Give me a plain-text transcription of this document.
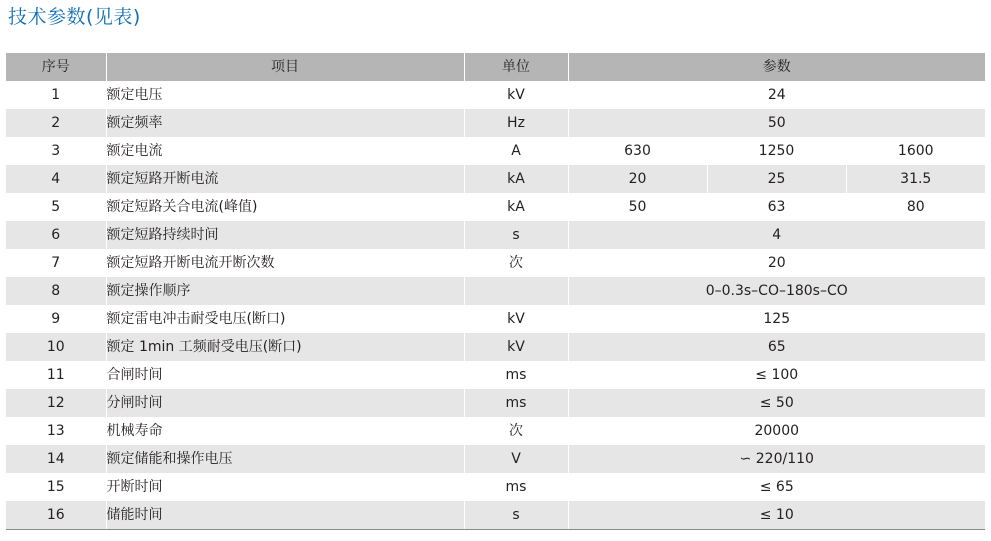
技术参数(见表)
序号	项目	单位	参数		
1	额定电压	kV	24		
2	额定频率	Hz	50		
3	额定电流	A	630	1250	1600
4	额定短路开断电流	kA	20	25	31.5
5	额定短路关合电流(峰值)	kA	50	63	80
6	额定短路持续时间	s	4		
7	额定短路开断电流开断次数	次	20		
8	额定操作顺序		0–0.3s–CO–180s–CO		
9	额定雷电冲击耐受电压(断口)	kV	125		
10	额定 1min 工频耐受电压(断口)	kV	65		
11	合闸时间	ms	≤ 100		
12	分闸时间	ms	≤ 50		
13	机械寿命	次	20000		
14	额定储能和操作电压	V	∽ 220/110		
15	开断时间	ms	≤ 65		
16	储能时间	s	≤ 10		
